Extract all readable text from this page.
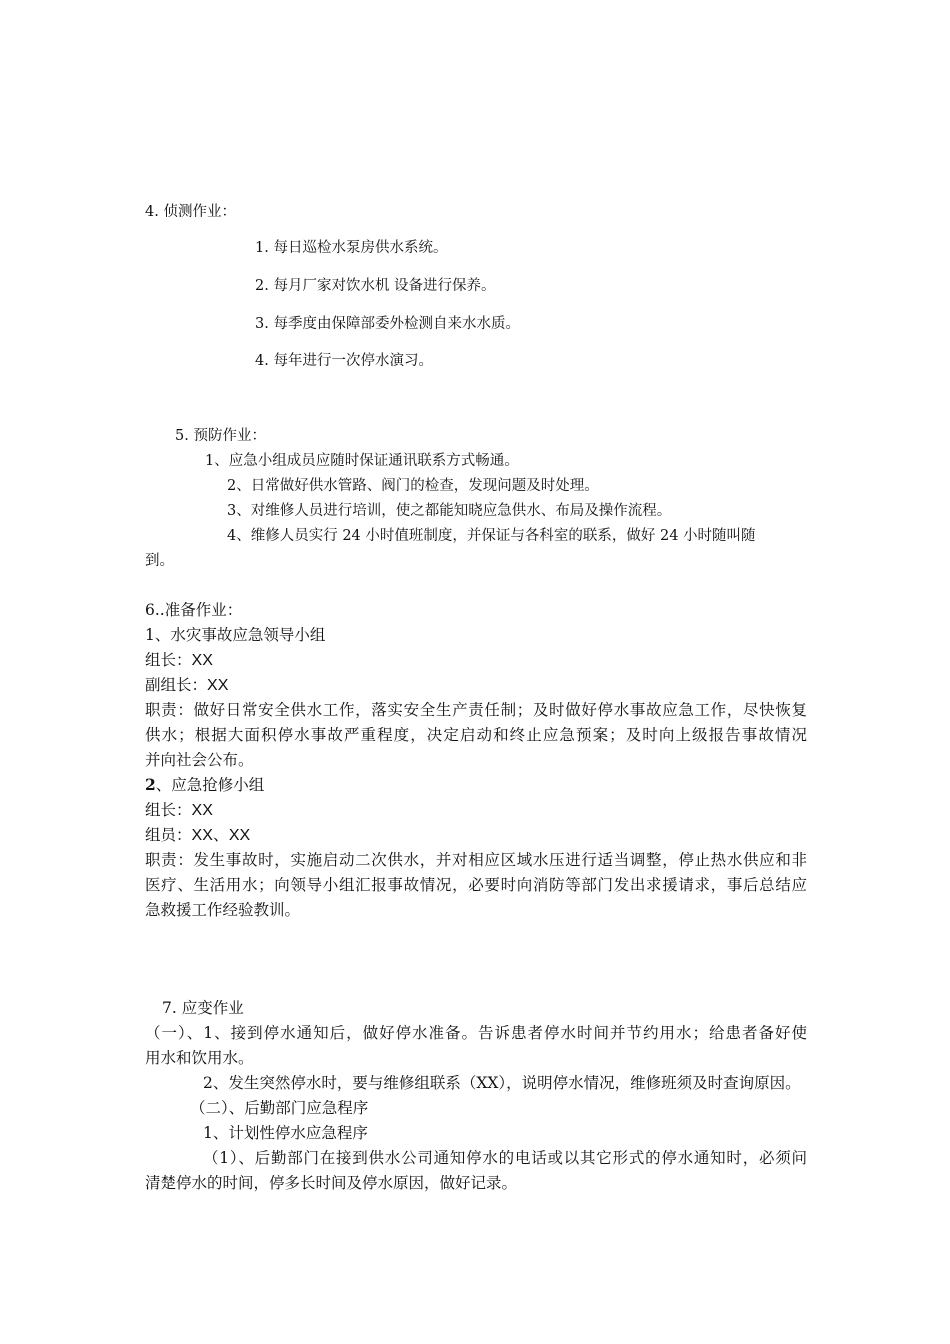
4. 侦测作业：
1. 每日巡检水泵房供水系统。
2. 每月厂家对饮水机 设备进行保养。
3. 每季度由保障部委外检测自来水水质。
4. 每年进行一次停水演习。
5. 预防作业：
1、应急小组成员应随时保证通讯联系方式畅通。
2、日常做好供水管路、阀门的检查，发现问题及时处理。
3、对维修人员进行培训，使之都能知晓应急供水、布局及操作流程。
4、维修人员实行 24 小时值班制度，并保证与各科室的联系，做好 24 小时随叫随
到。
6..准备作业：
1、水灾事故应急领导小组
组长：XX
副组长：XX
职责：做好日常安全供水工作，落实安全生产责任制；及时做好停水事故应急工作，尽快恢复
供水；根据大面积停水事故严重程度，决定启动和终止应急预案；及时向上级报告事故情况
并向社会公布。
2、应急抢修小组
组长：XX
组员：XX、XX
职责：发生事故时，实施启动二次供水，并对相应区域水压进行适当调整，停止热水供应和非
医疗、生活用水；向领导小组汇报事故情况，必要时向消防等部门发出求援请求，事后总结应
急救援工作经验教训。
7. 应变作业
（一）、1、接到停水通知后，做好停水准备。告诉患者停水时间并节约用水；给患者备好使
用水和饮用水。
2、发生突然停水时，要与维修组联系（XX），说明停水情况，维修班须及时查询原因。
（二）、后勤部门应急程序
1、计划性停水应急程序
（1）、后勤部门在接到供水公司通知停水的电话或以其它形式的停水通知时，必须问
清楚停水的时间，停多长时间及停水原因，做好记录。
